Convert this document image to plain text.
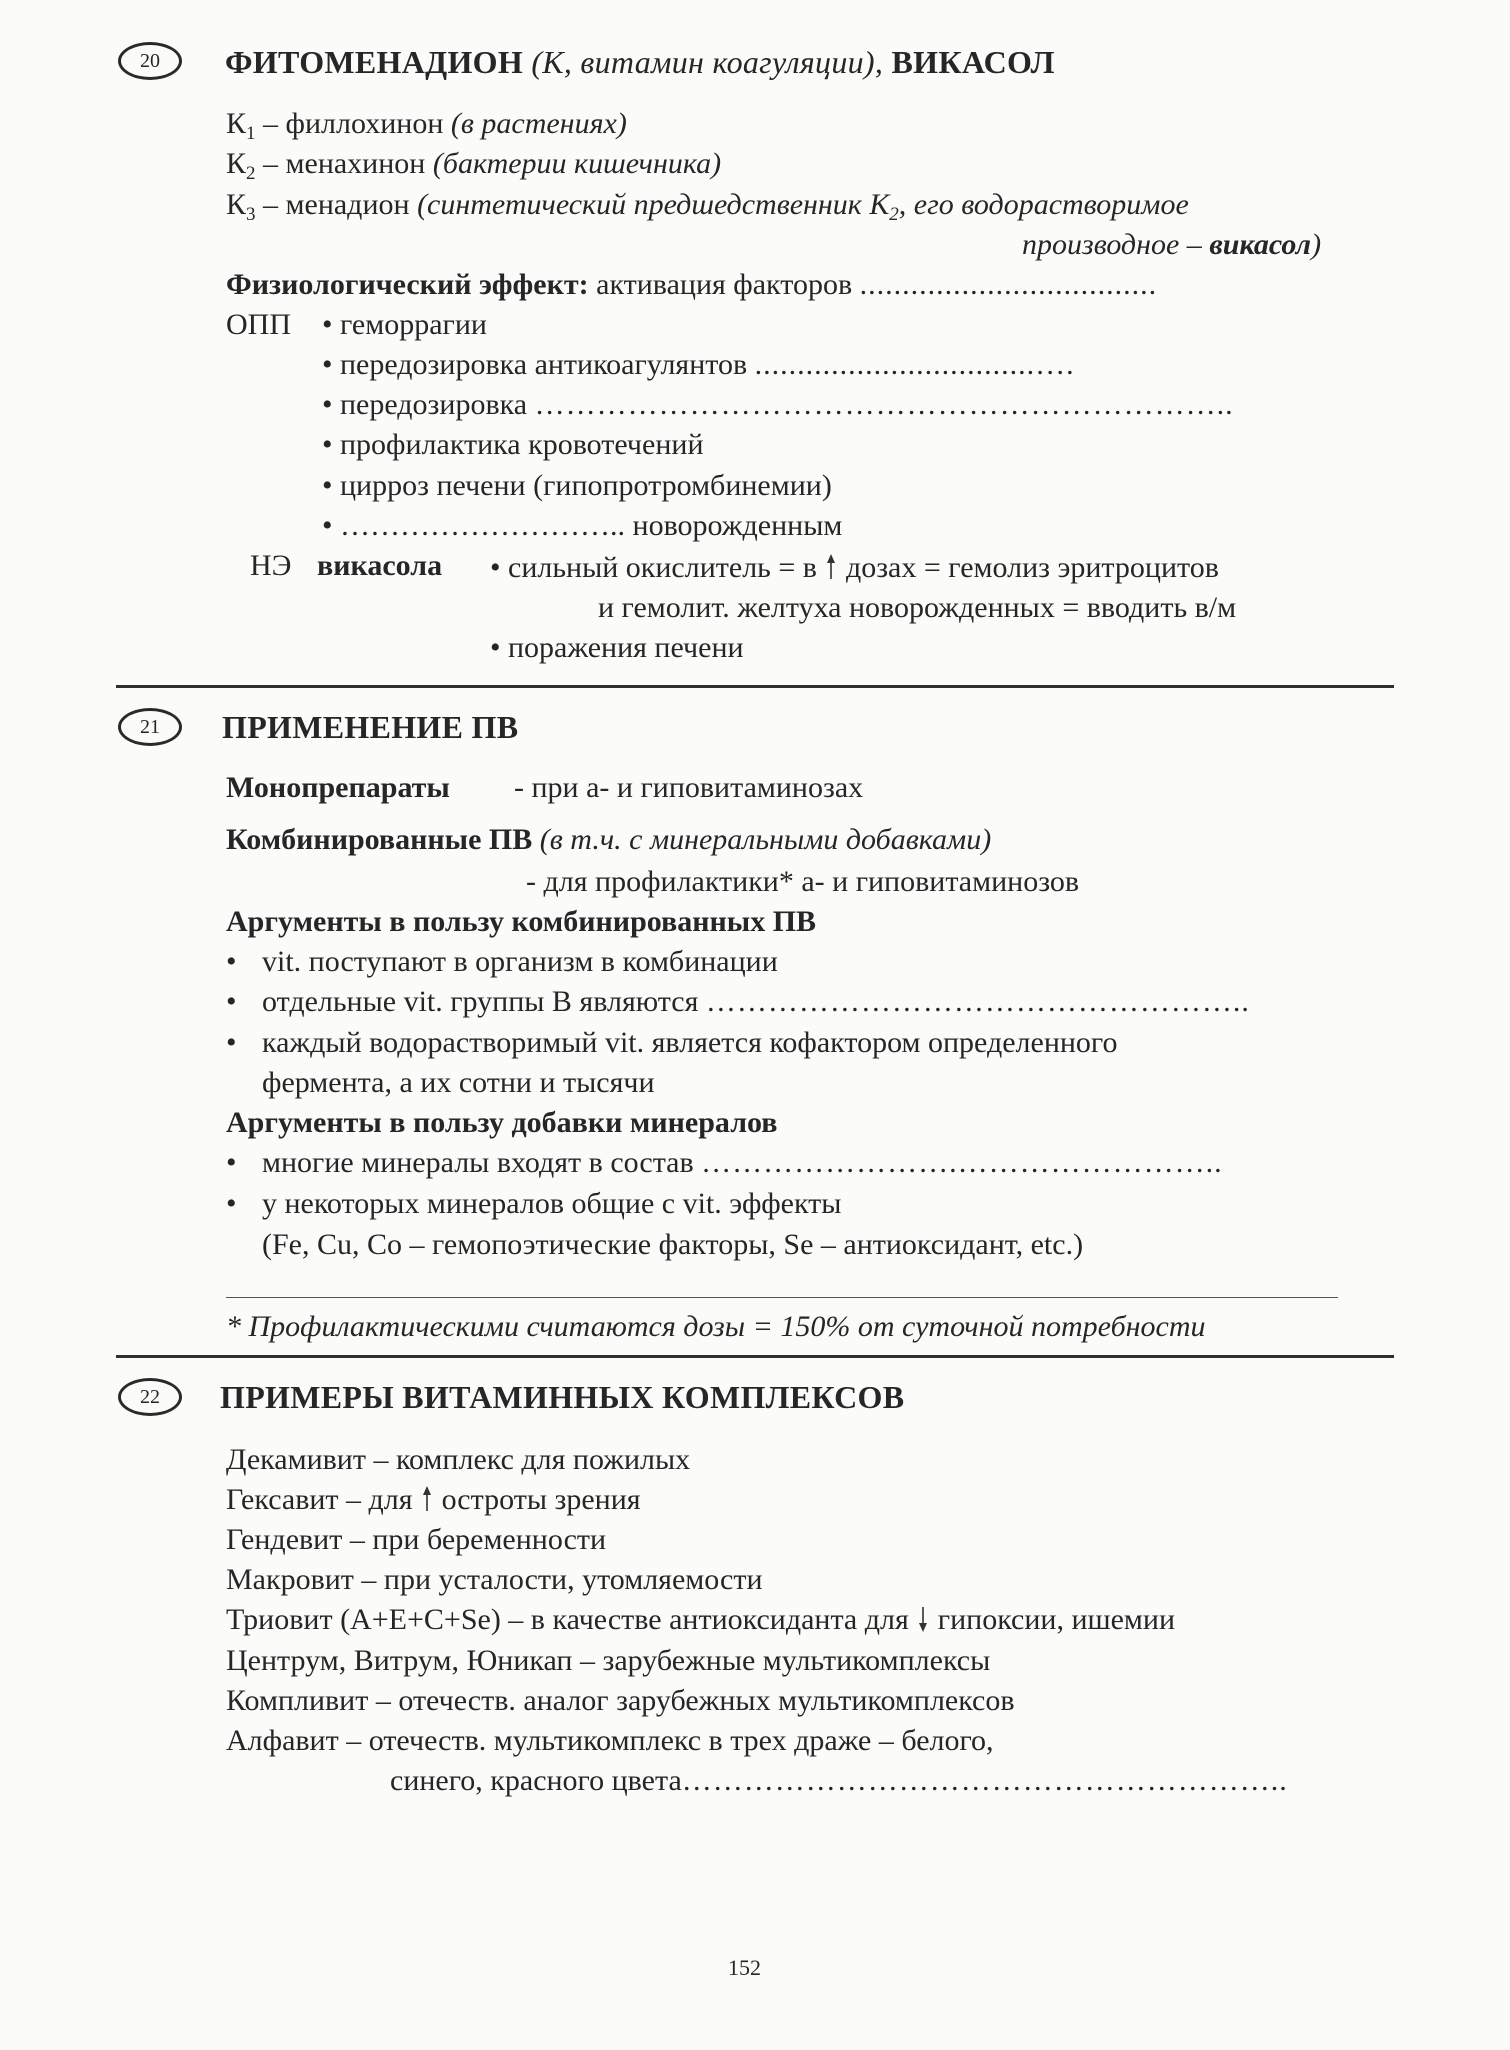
20	ФИТОМЕНАДИОН (К, витамин коагуляции), ВИКАСОЛ
$К_1$ – филлохинон (в растениях)
$К_2$ – менахинон (бактерии кишечника)
$К_3$ – менадион (синтетический предшедственник $К_2$, его водорастворимое
производное – викасол)
Физиологический эффект: активация факторов ...................................
ОПП • геморрагии
• передозировка антикоагулянтов .................................….
• передозировка …………………………………………………………..
• профилактика кровотечений
• цирроз печени (гипопротромбинемии)
• ……………………….. новорожденным
НЭ викасола • сильный окислитель = в  дозах = гемолиз эритроцитов
и гемолит. желтуха новорожденных = вводить в/м
• поражения печени
21	ПРИМЕНЕНИЕ ПВ
Монопрепараты - при а- и гиповитаминозах
Комбинированные ПВ (в т.ч. с минеральными добавками)
- для профилактики* а- и гиповитаминозов
Аргументы в пользу комбинированных ПВ
• vit. поступают в организм в комбинации
• отдельные vit. группы В являются ……………………………………………..
• каждый водорастворимый vit. является кофактором определенного
фермента, а их сотни и тысячи
Аргументы в пользу добавки минералов
• многие минералы входят в состав …………………….……………………..
• у некоторых минералов общие с vit. эффекты
(Fe, Cu, Co – гемопоэтические факторы, Se – антиоксидант, etc.)
* Профилактическими считаются дозы = 150% от суточной потребности
22	ПРИМЕРЫ ВИТАМИННЫХ КОМПЛЕКСОВ
Декамивит – комплекс для пожилых
Гексавит – для  остроты зрения
Гендевит – при беременности
Макровит – при усталости, утомляемости
Триовит (A+E+C+Se) – в качестве антиоксиданта для  гипоксии, ишемии
Центрум, Витрум, Юникап – зарубежные мультикомплексы
Компливит – отечеств. аналог зарубежных мультикомплексов
Алфавит – отечеств. мультикомплекс в трех драже – белого,
синего, красного цвета…………………………………………………..
152
